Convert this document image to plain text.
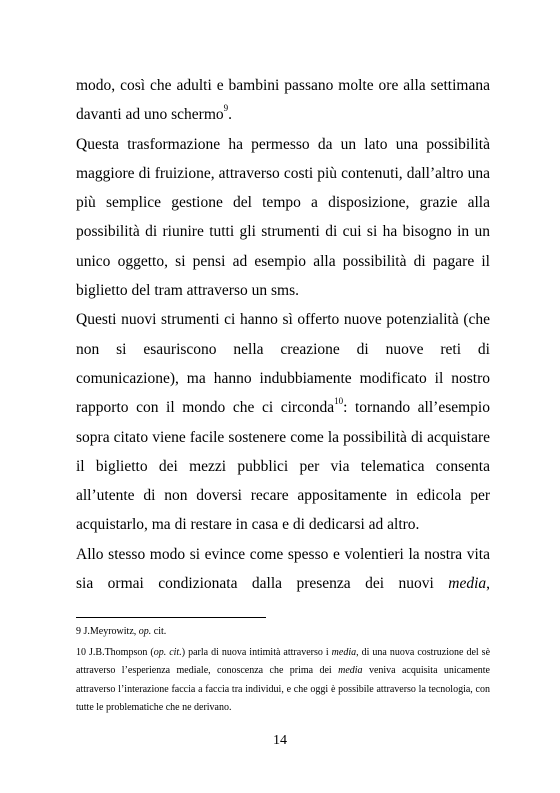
modo, così che adulti e bambini passano molte ore alla settimana davanti ad uno schermo$^9$.

Questa trasformazione ha permesso da un lato una possibilità maggiore di fruizione, attraverso costi più contenuti, dall’altro una più semplice gestione del tempo a disposizione, grazie alla possibilità di riunire tutti gli strumenti di cui si ha bisogno in un unico oggetto, si pensi ad esempio alla possibilità di pagare il biglietto del tram attraverso un sms.

Questi nuovi strumenti ci hanno sì offerto nuove potenzialità (che non si esauriscono nella creazione di nuove reti di comunicazione), ma hanno indubbiamente modificato il nostro rapporto con il mondo che ci circonda$^{10}$: tornando all’esempio sopra citato viene facile sostenere come la possibilità di acquistare il biglietto dei mezzi pubblici per via telematica consenta all’utente di non doversi recare appositamente in edicola per acquistarlo, ma di restare in casa e di dedicarsi ad altro.

Allo stesso modo si evince come spesso e volentieri la nostra vita sia ormai condizionata dalla presenza dei nuovi media,

9 J.Meyrowitz, op. cit.

10 J.B.Thompson (op. cit.) parla di nuova intimità attraverso i media, di una nuova costruzione del sè attraverso l’esperienza mediale, conoscenza che prima dei media veniva acquisita unicamente attraverso l’interazione faccia a faccia tra individui, e che oggi è possibile attraverso la tecnologia, con tutte le problematiche che ne derivano.

14
